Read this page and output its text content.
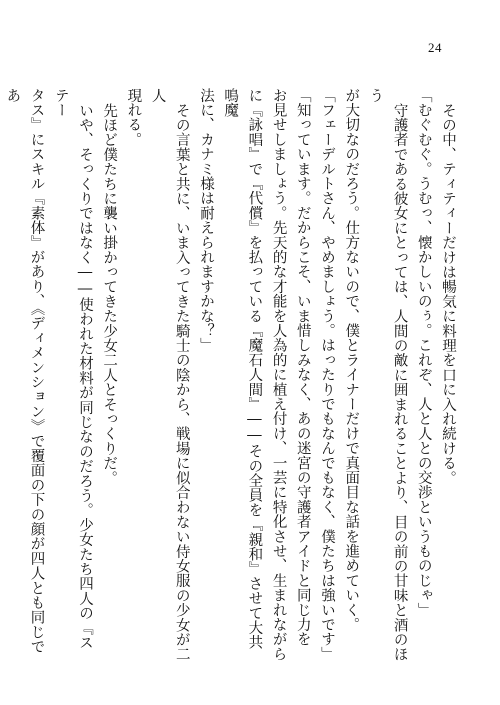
24

その中、ティティーだけは暢気に料理を口に入れ続ける。

「むぐむぐ。うむっ、懐かしいのぅ。これぞ、人と人との交渉というものじゃ」

守護者である彼女にとっては、人間の敵に囲まれることより、目の前の甘味と酒のほう

が大切なのだろう。仕方ないので、僕とライナーだけで真面目な話を進めていく。

「フェーデルトさん、やめましょう。はったりでもなんでもなく、僕たちは強いです」

「知っています。だからこそ、いま惜しみなく、あの迷宮の守護者アイドと同じ力を

お見せしましょう。先天的な才能を人為的に植え付け、一芸に特化させ、生まれながら

に『詠唱』で『代償』を払っている『魔石人間』――その全員を『親和』させて大共鳴魔

法に、カナミ様は耐えられますかな？」

その言葉と共に、いま入ってきた騎士の陰から、戦場に似合わない侍女服の少女が二人

現れる。

先ほど僕たちに襲い掛かってきた少女二人とそっくりだ。

いや、そっくりではなく――使われた材料が同じなのだろう。少女たち四人の『ステー

タス』にスキル『素体』があり、《ディメンション》で覆面の下の顔が四人とも同じであ
